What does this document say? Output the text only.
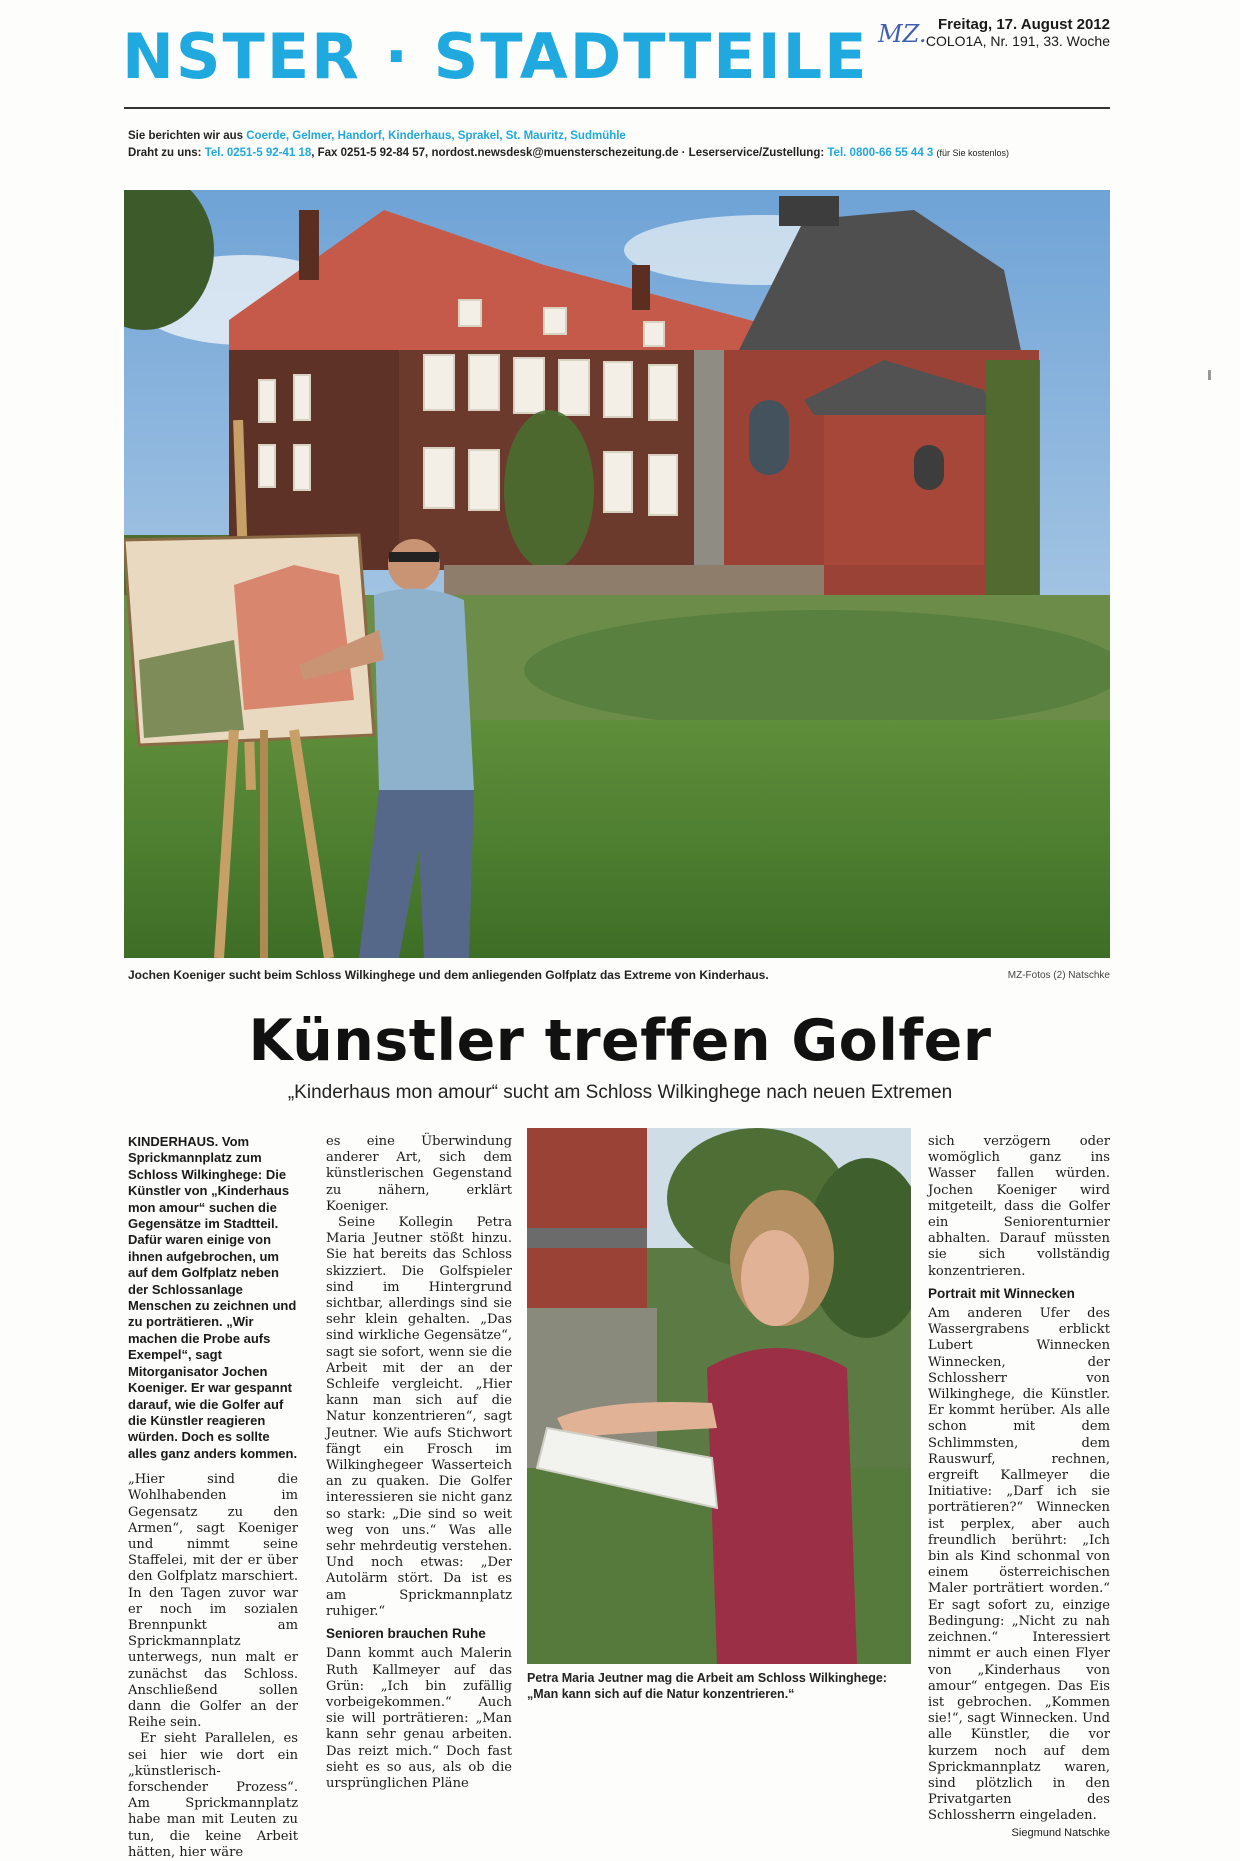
NSTER · STADTTEILE MZ. Freitag, 17. August 2012
COLO1A, Nr. 191, 33. Woche
Sie berichten wir aus Coerde, Gelmer, Handorf, Kinderhaus, Sprakel, St. Mauritz, Sudmühle
Draht zu uns: Tel. 0251-5 92-41 18, Fax 0251-5 92-84 57, nordost.newsdesk@muensterschezeitung.de · Leserservice/Zustellung: Tel. 0800-66 55 44 3 (für Sie kostenlos)
Jochen Koeniger sucht beim Schloss Wilkinghege und dem anliegenden Golfplatz das Extreme von Kinderhaus.	MZ-Fotos (2) Natschke
Künstler treffen Golfer
„Kinderhaus mon amour“ sucht am Schloss Wilkinghege nach neuen Extremen

KINDERHAUS. Vom Sprickmannplatz zum Schloss Wilkinghege: Die Künstler von „Kinderhaus mon amour“ suchen die Gegensätze im Stadtteil. Dafür waren einige von ihnen aufgebrochen, um auf dem Golfplatz neben der Schlossanlage Menschen zu zeichnen und zu porträtieren. „Wir machen die Probe aufs Exempel“, sagt Mitorganisator Jochen Koeniger. Er war gespannt darauf, wie die Golfer auf die Künstler reagieren würden. Doch es sollte alles ganz anders kommen.

„Hier sind die Wohlhabenden im Gegensatz zu den Armen“, sagt Koeniger und nimmt seine Staffelei, mit der er über den Golfplatz marschiert. In den Tagen zuvor war er noch im sozialen Brennpunkt am Sprickmannplatz unterwegs, nun malt er zunächst das Schloss. Anschließend sollen dann die Golfer an der Reihe sein.

Er sieht Parallelen, es sei hier wie dort ein „künstlerisch-forschender Prozess“. Am Sprickmannplatz habe man mit Leuten zu tun, die keine Arbeit hätten, hier wäre

es eine Überwindung anderer Art, sich dem künstlerischen Gegenstand zu nähern, erklärt Koeniger.

Seine Kollegin Petra Maria Jeutner stößt hinzu. Sie hat bereits das Schloss skizziert. Die Golfspieler sind im Hintergrund sichtbar, allerdings sind sie sehr klein gehalten. „Das sind wirkliche Gegensätze“, sagt sie sofort, wenn sie die Arbeit mit der an der Schleife vergleicht. „Hier kann man sich auf die Natur konzentrieren“, sagt Jeutner. Wie aufs Stichwort fängt ein Frosch im Wilkinghegeer Wasserteich an zu quaken. Die Golfer interessieren sie nicht ganz so stark: „Die sind so weit weg von uns.“ Was alle sehr mehrdeutig verstehen. Und noch etwas: „Der Autolärm stört. Da ist es am Sprickmannplatz ruhiger.“

Senioren brauchen Ruhe

Dann kommt auch Malerin Ruth Kallmeyer auf das Grün: „Ich bin zufällig vorbeigekommen.“ Auch sie will porträtieren: „Man kann sehr genau arbeiten. Das reizt mich.“ Doch fast sieht es so aus, als ob die ursprünglichen Pläne

Petra Maria Jeutner mag die Arbeit am Schloss Wilkinghege: „Man kann sich auf die Natur konzentrieren.“

sich verzögern oder womöglich ganz ins Wasser fallen würden. Jochen Koeniger wird mitgeteilt, dass die Golfer ein Seniorenturnier abhalten. Darauf müssten sie sich vollständig konzentrieren.

Portrait mit Winnecken

Am anderen Ufer des Wassergrabens erblickt Lubert Winnecken Winnecken, der Schlossherr von Wilkinghege, die Künstler. Er kommt herüber. Als alle schon mit dem Schlimmsten, dem Rauswurf, rechnen, ergreift Kallmeyer die Initiative: „Darf ich sie porträtieren?“ Winnecken ist perplex, aber auch freundlich berührt: „Ich bin als Kind schonmal von einem österreichischen Maler porträtiert worden.“ Er sagt sofort zu, einzige Bedingung: „Nicht zu nah zeichnen.“ Interessiert nimmt er auch einen Flyer von „Kinderhaus von amour“ entgegen. Das Eis ist gebrochen. „Kommen sie!“, sagt Winnecken. Und alle Künstler, die vor kurzem noch auf dem Sprickmannplatz waren, sind plötzlich in den Privatgarten des Schlossherrn eingeladen.
Siegmund Natschke
